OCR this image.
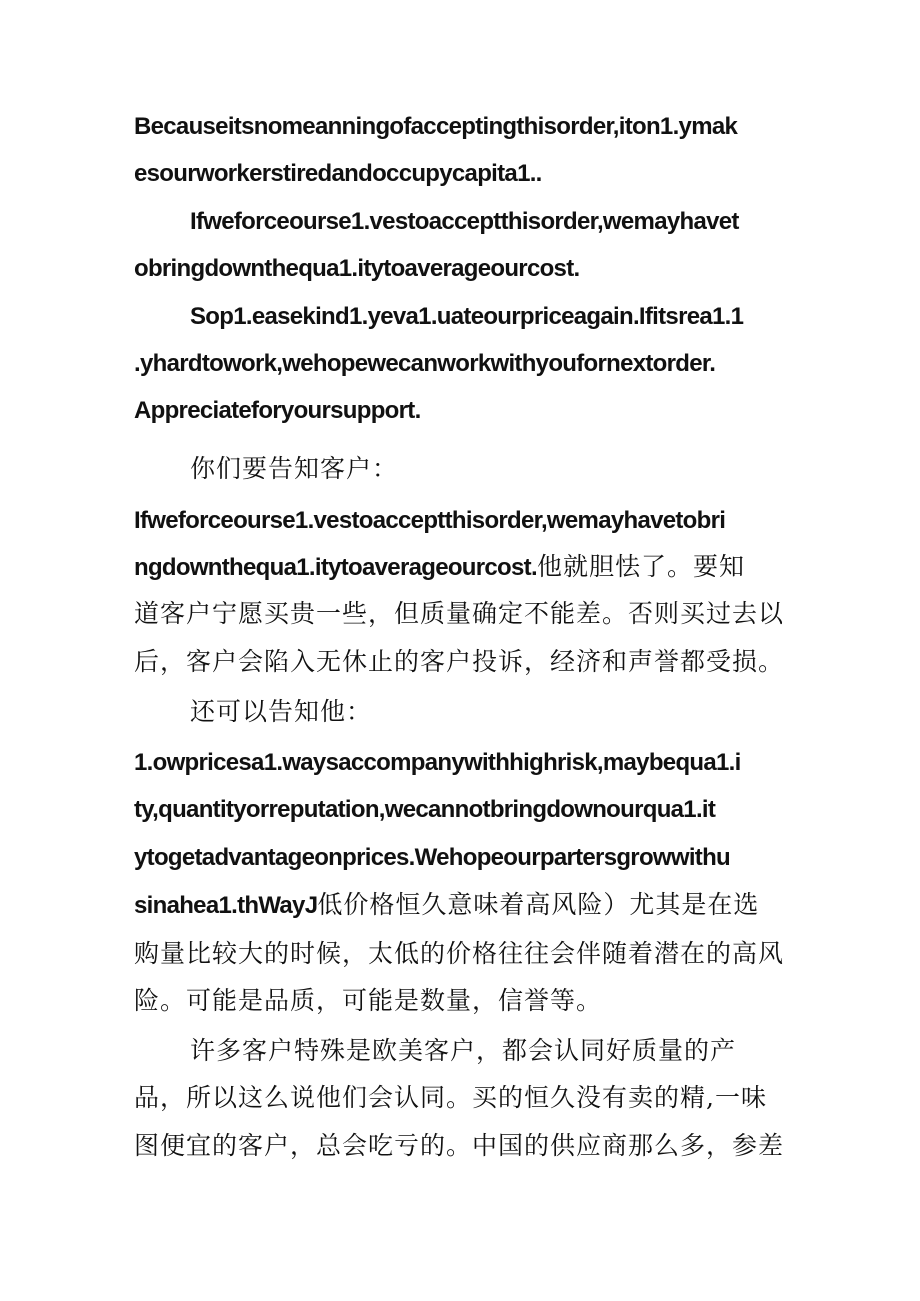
Becauseitsnomeanningofacceptingthisorder,iton1.ymak
esourworkerstiredandoccupycapita1..
Ifweforceourse1.vestoacceptthisorder,wemayhavet
obringdownthequa1.itytoaverageourcost.
Sop1.easekind1.yeva1.uateourpriceagain.Ifitsrea1.1
.yhardtowork,wehopewecanworkwithyoufornextorder.
Appreciateforyoursupport.
你们要告知客户：
Ifweforceourse1.vestoacceptthisorder,wemayhavetobri
ngdownthequa1.itytoaverageourcost.他就胆怯了。要知
道客户宁愿买贵一些，但质量确定不能差。否则买过去以
后，客户会陷入无休止的客户投诉，经济和声誉都受损。
还可以告知他：
1.owpricesa1.waysaccompanywithhighrisk,maybequa1.i
ty,quantityorreputation,wecannotbringdownourqua1.it
ytogetadvantageonprices.Wehopeourpartersgrowwithu
sinahea1.thWayJ低价格恒久意味着高风险）尤其是在选
购量比较大的时候，太低的价格往往会伴随着潜在的高风
险。可能是品质，可能是数量，信誉等。
许多客户特殊是欧美客户，都会认同好质量的产
品，所以这么说他们会认同。买的恒久没有卖的精,一味
图便宜的客户，总会吃亏的。中国的供应商那么多，参差
